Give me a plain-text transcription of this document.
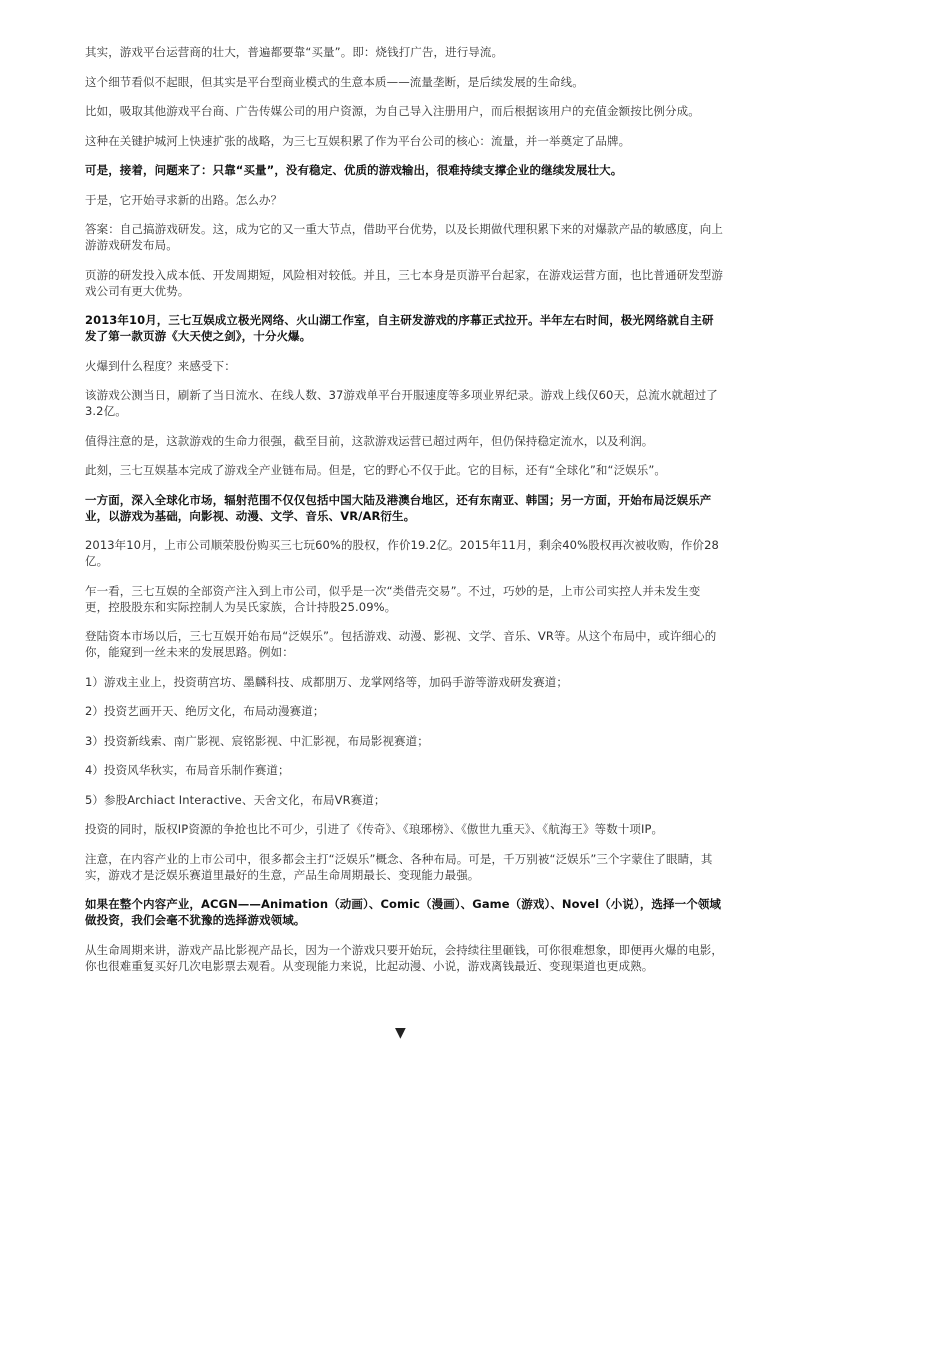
其实，游戏平台运营商的壮大，普遍都要靠“买量”。即：烧钱打广告，进行导流。

这个细节看似不起眼，但其实是平台型商业模式的生意本质——流量垄断，是后续发展的生命线。

比如，吸取其他游戏平台商、广告传媒公司的用户资源，为自己导入注册用户，而后根据该用户的充值金额按比例分成。

这种在关键护城河上快速扩张的战略，为三七互娱积累了作为平台公司的核心：流量，并一举奠定了品牌。

可是，接着，问题来了：只靠“买量”，没有稳定、优质的游戏输出，很难持续支撑企业的继续发展壮大。

于是，它开始寻求新的出路。怎么办？

答案：自己搞游戏研发。这，成为它的又一重大节点，借助平台优势，以及长期做代理积累下来的对爆款产品的敏感度，向上游游戏研发布局。

页游的研发投入成本低、开发周期短，风险相对较低。并且，三七本身是页游平台起家，在游戏运营方面，也比普通研发型游戏公司有更大优势。

2013年10月，三七互娱成立极光网络、火山湖工作室，自主研发游戏的序幕正式拉开。半年左右时间，极光网络就自主研发了第一款页游《大天使之剑》，十分火爆。

火爆到什么程度？来感受下：

该游戏公测当日，刷新了当日流水、在线人数、37游戏单平台开服速度等多项业界纪录。游戏上线仅60天，总流水就超过了3.2亿。

值得注意的是，这款游戏的生命力很强，截至目前，这款游戏运营已超过两年，但仍保持稳定流水，以及利润。

此刻，三七互娱基本完成了游戏全产业链布局。但是，它的野心不仅于此。它的目标，还有“全球化”和“泛娱乐”。

一方面，深入全球化市场，辐射范围不仅仅包括中国大陆及港澳台地区，还有东南亚、韩国；另一方面，开始布局泛娱乐产业，以游戏为基础，向影视、动漫、文学、音乐、VR/AR衍生。

2013年10月，上市公司顺荣股份购买三七玩60%的股权，作价19.2亿。2015年11月，剩余40%股权再次被收购，作价28亿。

乍一看，三七互娱的全部资产注入到上市公司，似乎是一次“类借壳交易”。不过，巧妙的是，上市公司实控人并未发生变更，控股股东和实际控制人为吴氏家族，合计持股25.09%。

登陆资本市场以后，三七互娱开始布局“泛娱乐”。包括游戏、动漫、影视、文学、音乐、VR等。从这个布局中，或许细心的你，能窥到一丝未来的发展思路。例如：

1）游戏主业上，投资萌宫坊、墨麟科技、成都朋万、龙掌网络等，加码手游等游戏研发赛道；

2）投资艺画开天、绝厉文化，布局动漫赛道；

3）投资新线索、南广影视、宸铭影视、中汇影视，布局影视赛道；

4）投资风华秋实，布局音乐制作赛道；

5）参股Archiact Interactive、天舍文化，布局VR赛道；

投资的同时，版权IP资源的争抢也比不可少，引进了《传奇》、《琅琊榜》、《傲世九重天》、《航海王》等数十项IP。

注意，在内容产业的上市公司中，很多都会主打“泛娱乐”概念、各种布局。可是，千万别被“泛娱乐”三个字蒙住了眼睛，其实，游戏才是泛娱乐赛道里最好的生意，产品生命周期最长、变现能力最强。

如果在整个内容产业，ACGN——Animation（动画）、Comic（漫画）、Game（游戏）、Novel（小说），选择一个领域做投资，我们会毫不犹豫的选择游戏领域。

从生命周期来讲，游戏产品比影视产品长，因为一个游戏只要开始玩，会持续往里砸钱，可你很难想象，即便再火爆的电影，你也很难重复买好几次电影票去观看。从变现能力来说，比起动漫、小说，游戏离钱最近、变现渠道也更成熟。

▼
